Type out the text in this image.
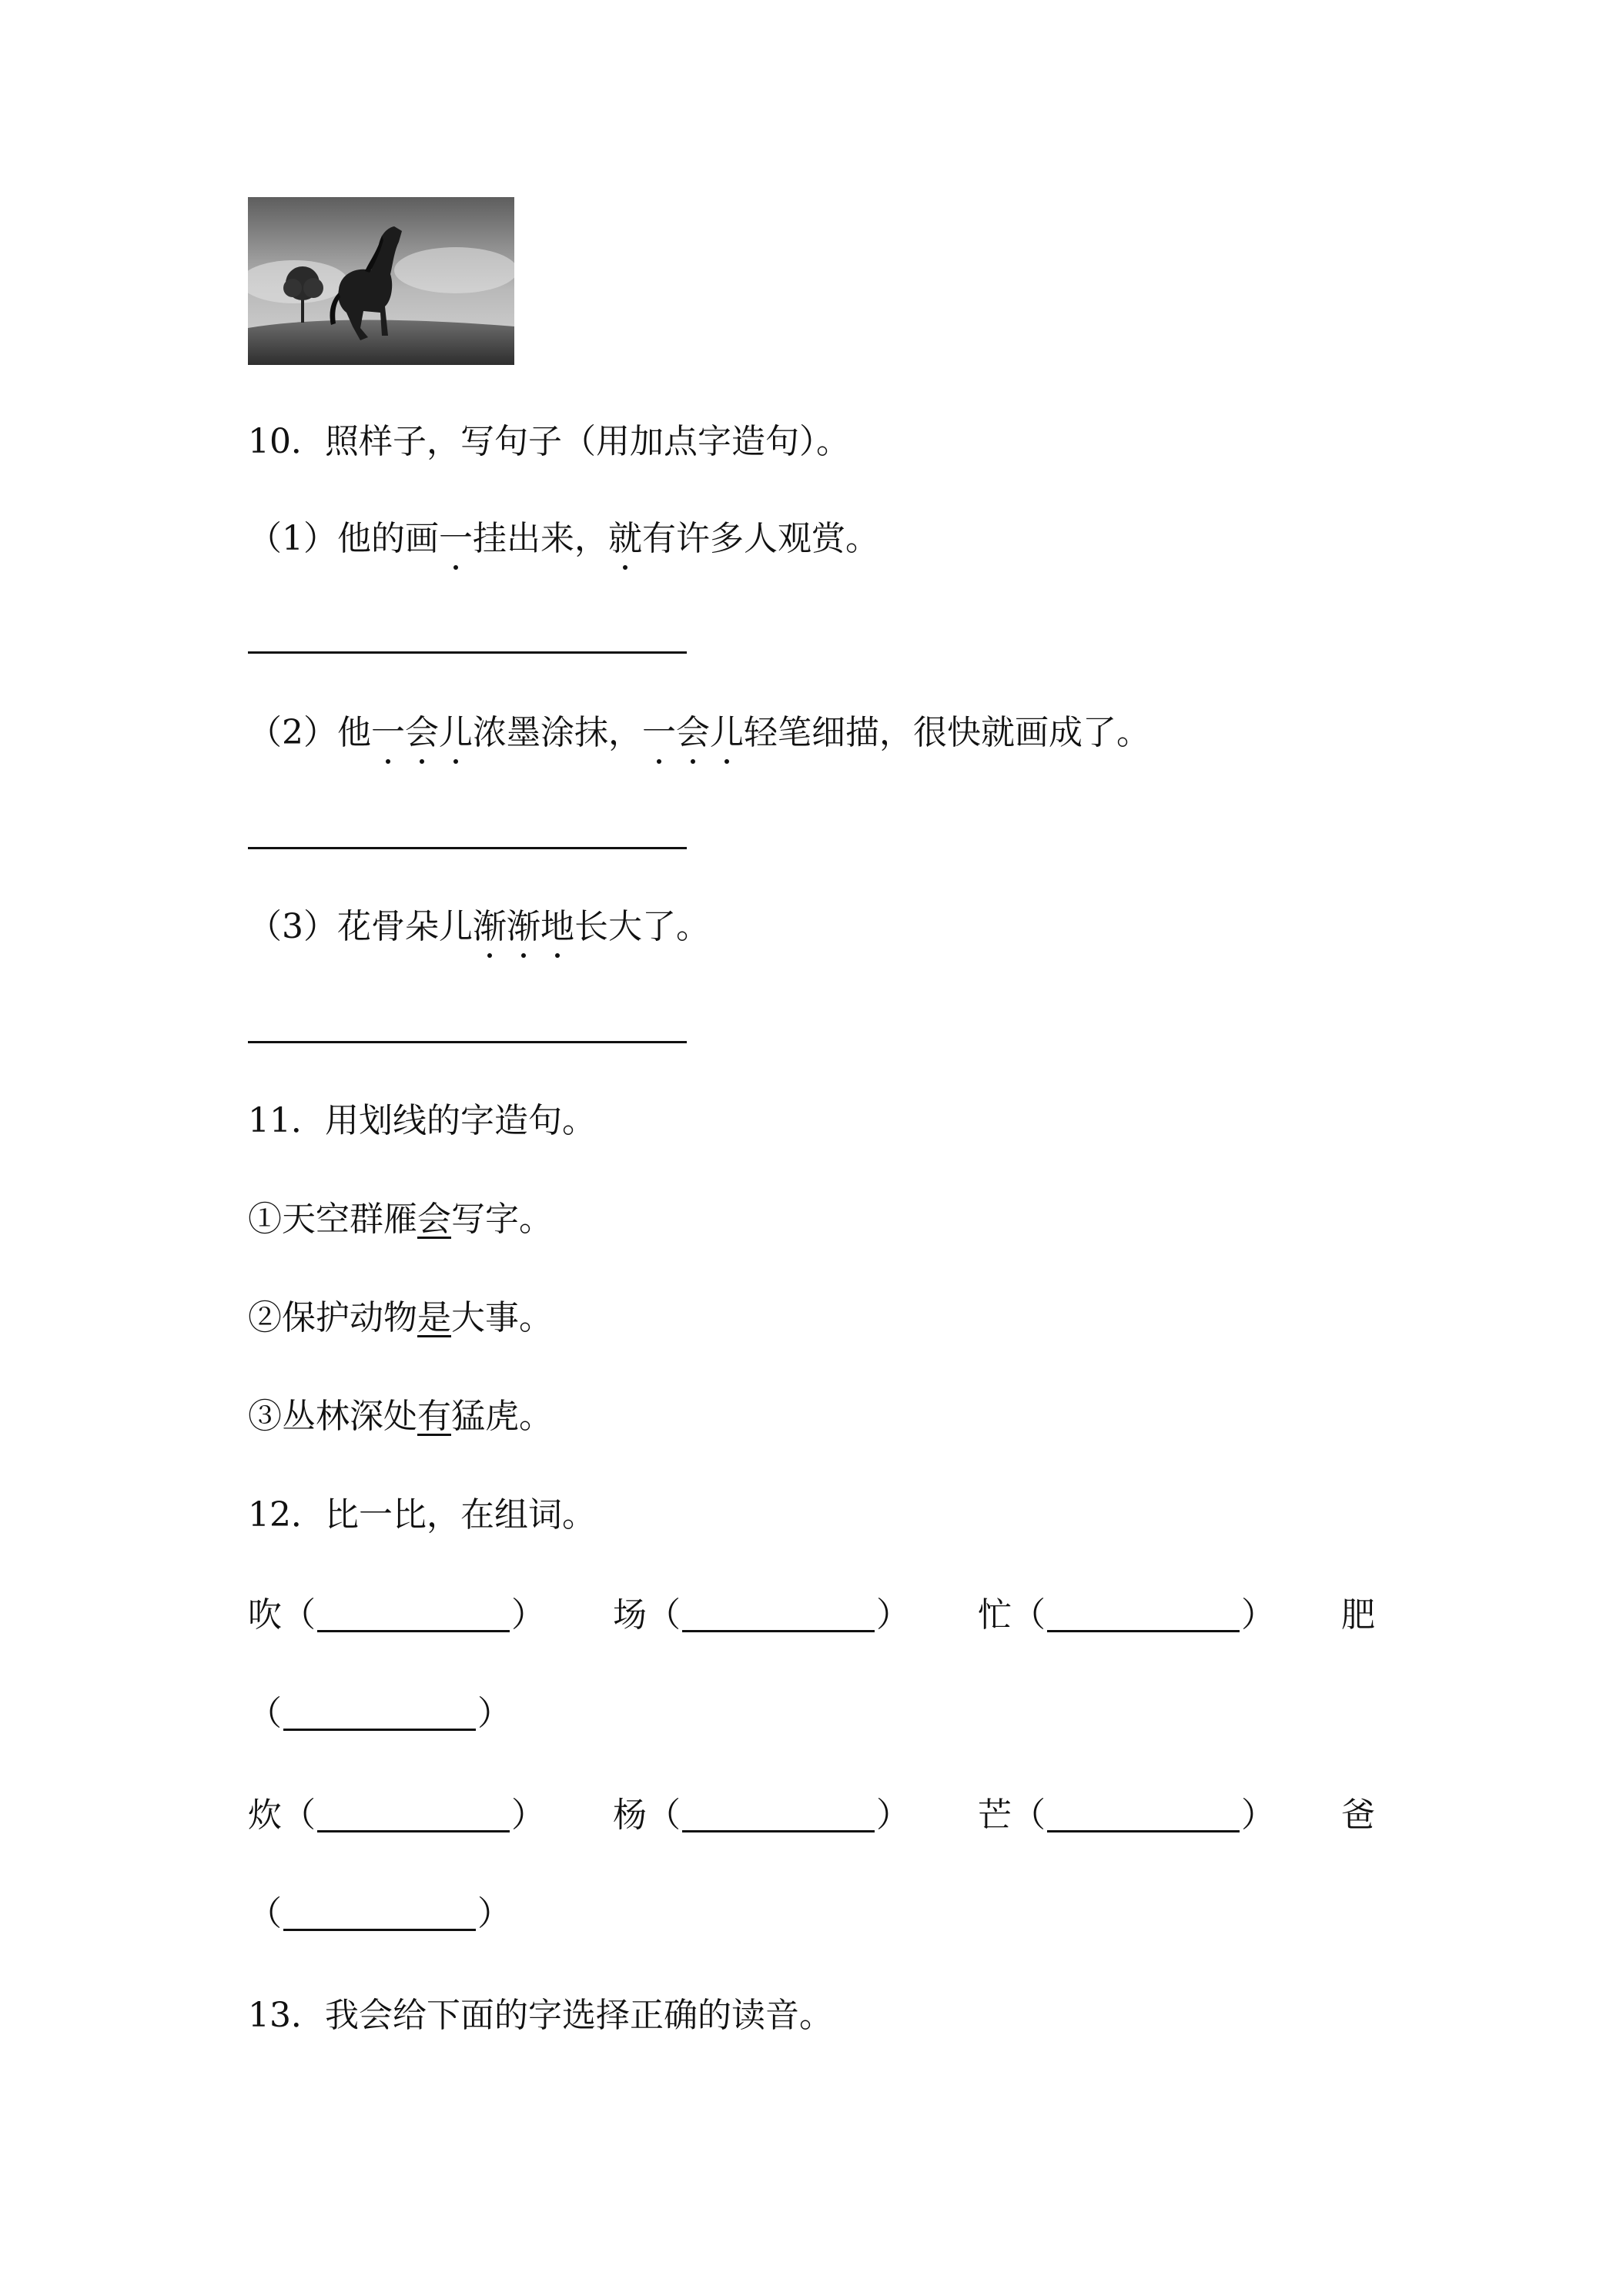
10．照样子，写句子（用加点字造句）。
（1）他的画一挂出来，就有许多人观赏。
（2）他一会儿浓墨涂抹，一会儿轻笔细描，很快就画成了。
（3）花骨朵儿渐渐地长大了。
11．用划线的字造句。
①天空群雁会写字。
②保护动物是大事。
③丛林深处有猛虎。
12．比一比，在组词。
吹（	） 场（	） 忙（	） 肥
（	）
炊（	） 杨（	） 芒（	） 爸
（	）
13．我会给下面的字选择正确的读音。
